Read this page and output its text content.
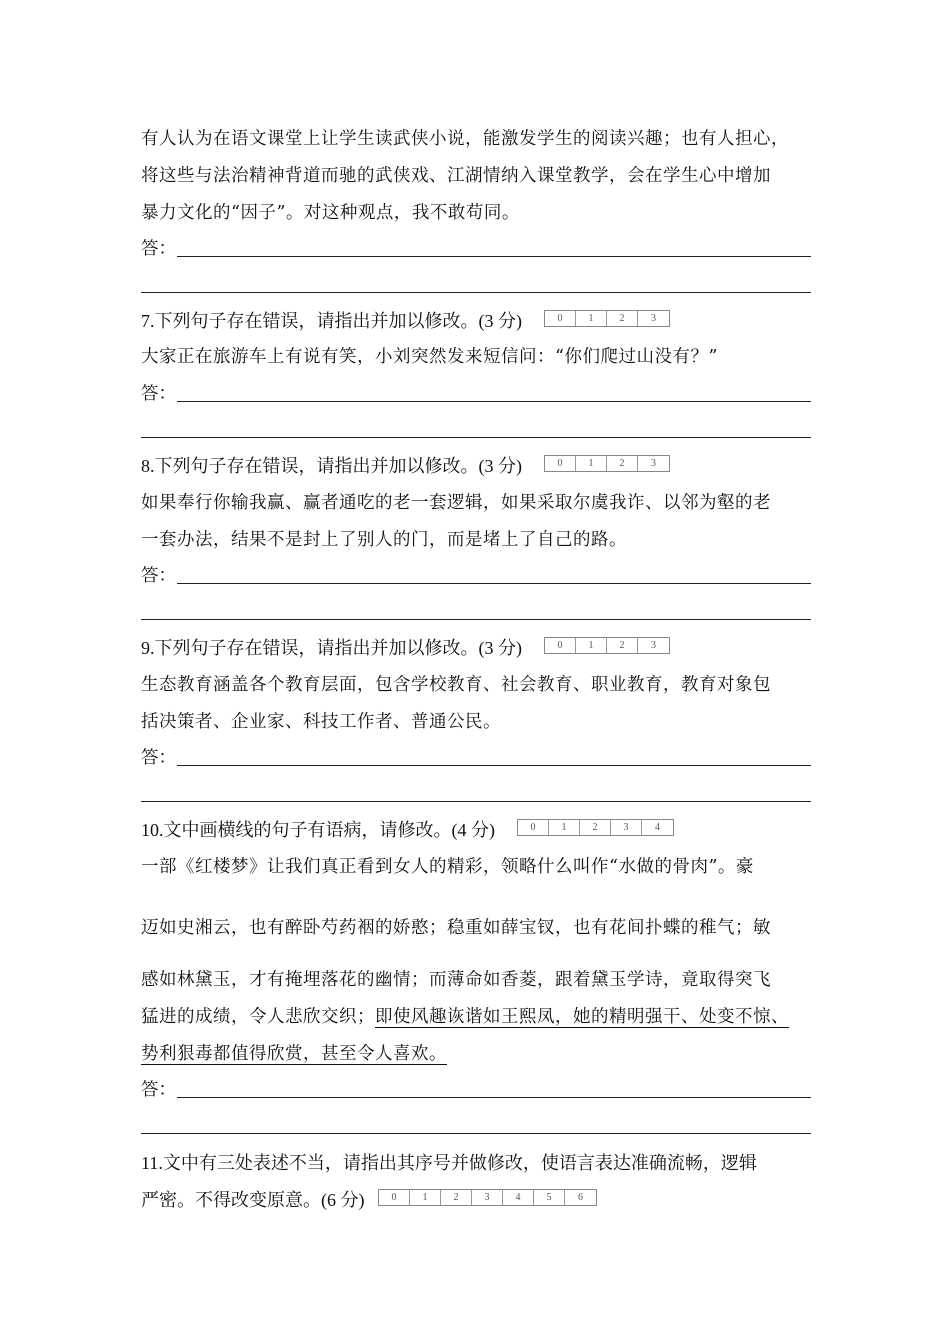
有人认为在语文课堂上让学生读武侠小说，能激发学生的阅读兴趣；也有人担心，
将这些与法治精神背道而驰的武侠戏、江湖情纳入课堂教学，会在学生心中增加
暴力文化的“因子”。对这种观点，我不敢苟同。
答：
7.下列句子存在错误，请指出并加以修改。(3 分)	0	1	2	3
大家正在旅游车上有说有笑，小刘突然发来短信问：“你们爬过山没有？”
答：
8.下列句子存在错误，请指出并加以修改。(3 分)	0	1	2	3
如果奉行你输我赢、赢者通吃的老一套逻辑，如果采取尔虞我诈、以邻为壑的老
一套办法，结果不是封上了别人的门，而是堵上了自己的路。
答：
9.下列句子存在错误，请指出并加以修改。(3 分)	0	1	2	3
生态教育涵盖各个教育层面，包含学校教育、社会教育、职业教育，教育对象包
括决策者、企业家、科技工作者、普通公民。
答：
10.文中画横线的句子有语病，请修改。(4 分)	0	1	2	3	4
一部《红楼梦》让我们真正看到女人的精彩，领略什么叫作“水做的骨肉”。豪
迈如史湘云，也有醉卧芍药裀的娇憨；稳重如薛宝钗，也有花间扑蝶的稚气；敏
感如林黛玉，才有掩埋落花的幽情；而薄命如香菱，跟着黛玉学诗，竟取得突飞
猛进的成绩，令人悲欣交织；即使风趣诙谐如王熙凤，她的精明强干、处变不惊、
势利狠毒都值得欣赏，甚至令人喜欢。
答：
11.文中有三处表述不当，请指出其序号并做修改，使语言表达准确流畅，逻辑
严密。不得改变原意。(6 分)	0	1	2	3	4	5	6
